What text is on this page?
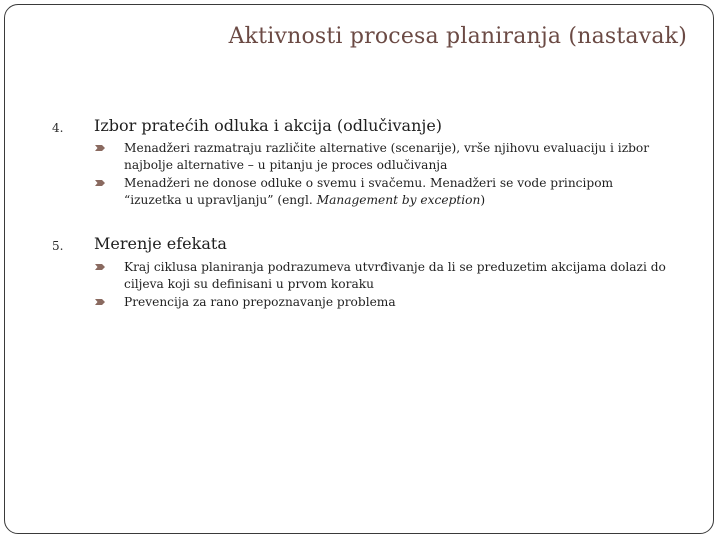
Aktivnosti procesa planiranja (nastavak)
4. Izbor pratećih odluka i akcija (odlučivanje)
Menadžeri razmatraju različite alternative (scenarije), vrše njihovu evaluaciju i izbor najbolje alternative – u pitanju je proces odlučivanja
Menadžeri ne donose odluke o svemu i svačemu. Menadžeri se vode principom “izuzetka u upravljanju” (engl. Management by exception)
5. Merenje efekata
Kraj ciklusa planiranja podrazumeva utvrđivanje da li se preduzetim akcijama dolazi do ciljeva koji su definisani u prvom koraku
Prevencija za rano prepoznavanje problema
